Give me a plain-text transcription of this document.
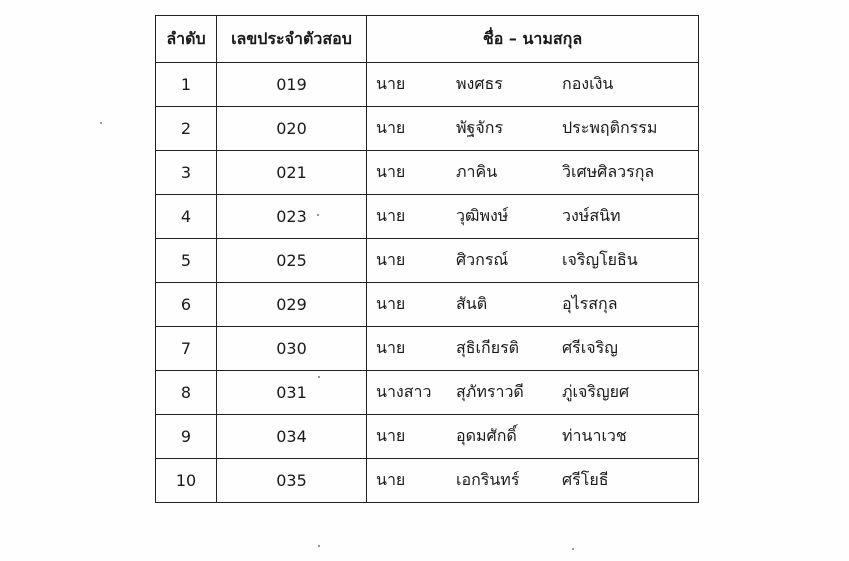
ลำดับ	เลขประจำตัวสอบ	ชื่อ – นามสกุล
1	019	นาย พงศธร กองเงิน

2	020	นาย พัฐจักร ประพฤติกรรม

3	021	นาย ภาคิน วิเศษศิลวรกุล

4	023	นาย วุฒิพงษ์ วงษ์สนิท

5	025	นาย ศิวกรณ์ เจริญโยธิน

6	029	นาย สันติ อุไรสกุล

7	030	นาย สุธิเกียรติ ศรีเจริญ

8	031	นางสาว สุภัทราวดี ภู่เจริญยศ

9	034	นาย อุดมศักดิ์ ท่านาเวช

10	035	นาย เอกรินทร์ ศรีโยธี
